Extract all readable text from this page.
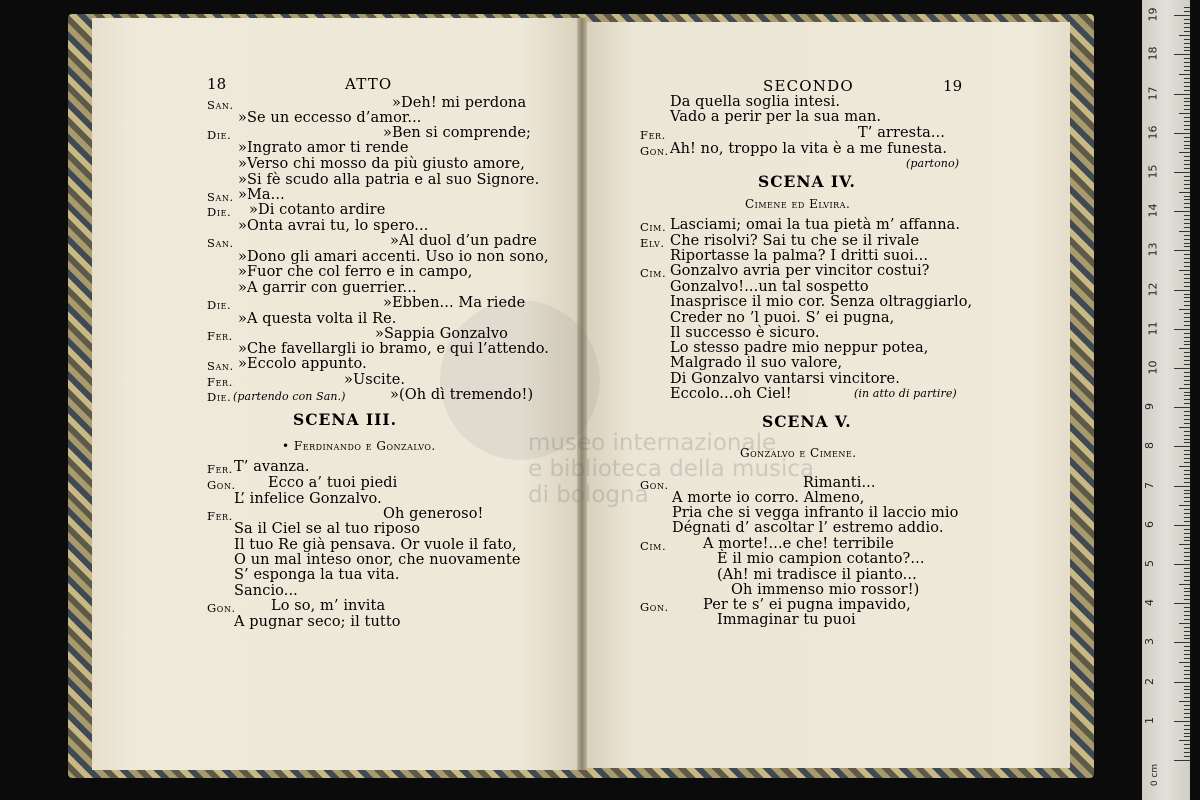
museo internazionale
e biblioteca della musica
di bologna
18	ATTO
San.	»Deh! mi perdona
»Se un eccesso d’amor...
Die.	»Ben si comprende;
»Ingrato amor ti rende
»Verso chi mosso da più giusto amore,
»Si fè scudo alla patria e al suo Signore.
San. »Ma...
Die. »Di cotanto ardire
»Onta avrai tu, lo spero...
San.	»Al duol d’un padre
»Dono gli amari accenti. Uso io non sono,
»Fuor che col ferro e in campo,
»A garrir con guerrier...
Die.	»Ebben... Ma riede
»A questa volta il Re.
Fer.	»Sappia Gonzalvo
»Che favellargli io bramo, e qui l’attendo.
San. »Eccolo appunto.
Fer.	»Uscite.
Die. (partendo con San.)	»(Oh dì tremendo!)
SCENA III.
• Ferdinando e Gonzalvo.
Fer. T’ avanza.
Gon. Ecco a’ tuoi piedi
L’ infelice Gonzalvo.
Fer.	Oh generoso!
Sa il Ciel se al tuo riposo
Il tuo Re già pensava. Or vuole il fato,
O un mal inteso onor, che nuovamente
S’ esponga la tua vita.
Sancio...
Gon. Lo so, m’ invita
A pugnar seco; il tutto
SECONDO	19
Da quella soglia intesi.
Vado a perir per la sua man.
Fer.	T’ arresta...
Gon. Ah! no, troppo la vita è a me funesta.
(partono)
SCENA IV.
Cimene ed Elvira.
Cim. Lasciami; omai la tua pietà m’ affanna.
Elv. Che risolvi? Sai tu che se il rivale
Riportasse la palma? I dritti suoi...
Cim. Gonzalvo avria per vincitor costui?
Gonzalvo!...un tal sospetto
Inasprisce il mio cor. Senza oltraggiarlo,
Creder no ’l puoi. S’ ei pugna,
Il successo è sicuro.
Lo stesso padre mio neppur potea,
Malgrado il suo valore,
Di Gonzalvo vantarsi vincitore.
Eccolo...oh Ciel!	(in atto di partire)
SCENA V.
Gonzalvo e Cimene.
Gon.	Rimanti...
A morte io corro. Almeno,
Pria che si vegga infranto il laccio mio
Dégnati d’ ascoltar l’ estremo addio.
Cim.	A morte!...e che! terribile
È il mio campion cotanto?...
(Ah! mi tradisce il pianto...
Oh immenso mio rossor!)
Gon. Per te s’ ei pugna impavido,
Immaginar tu puoi
0 cm
1
2
3
4
5
6
7
8
9
10
11
12
13
14
15
16
17
18
19
